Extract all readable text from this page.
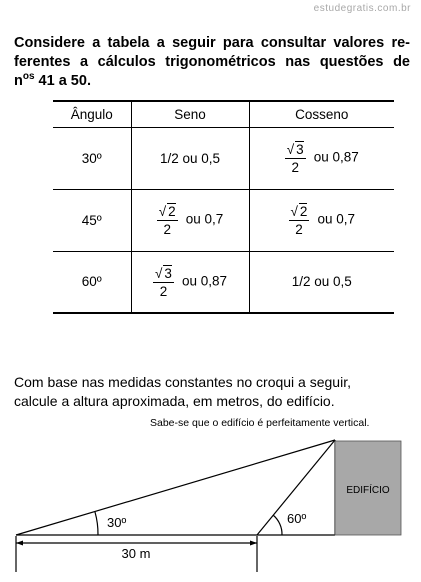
estudegratis.com.br
Considere a tabela a seguir para consultar valores re-
ferentes a cálculos trigonométricos nas questões de
$n^{os}$ 41 a 50.
Ângulo	Seno	Cosseno
30º	1/2 ou 0,5	$\frac{√ 3}{2}$ ou 0,87
45º	$\frac{√ 2}{2}$ ou 0,7	$\frac{√ 2}{2}$ ou 0,7
60º	$\frac{√ 3}{2}$ ou 0,87	1/2 ou 0,5
Com base nas medidas constantes no croqui a seguir,
calcule a altura aproximada, em metros, do edifício.
Sabe-se que o edifício é perfeitamente vertical.
EDIFÍCIO
30º	60º
30 m
